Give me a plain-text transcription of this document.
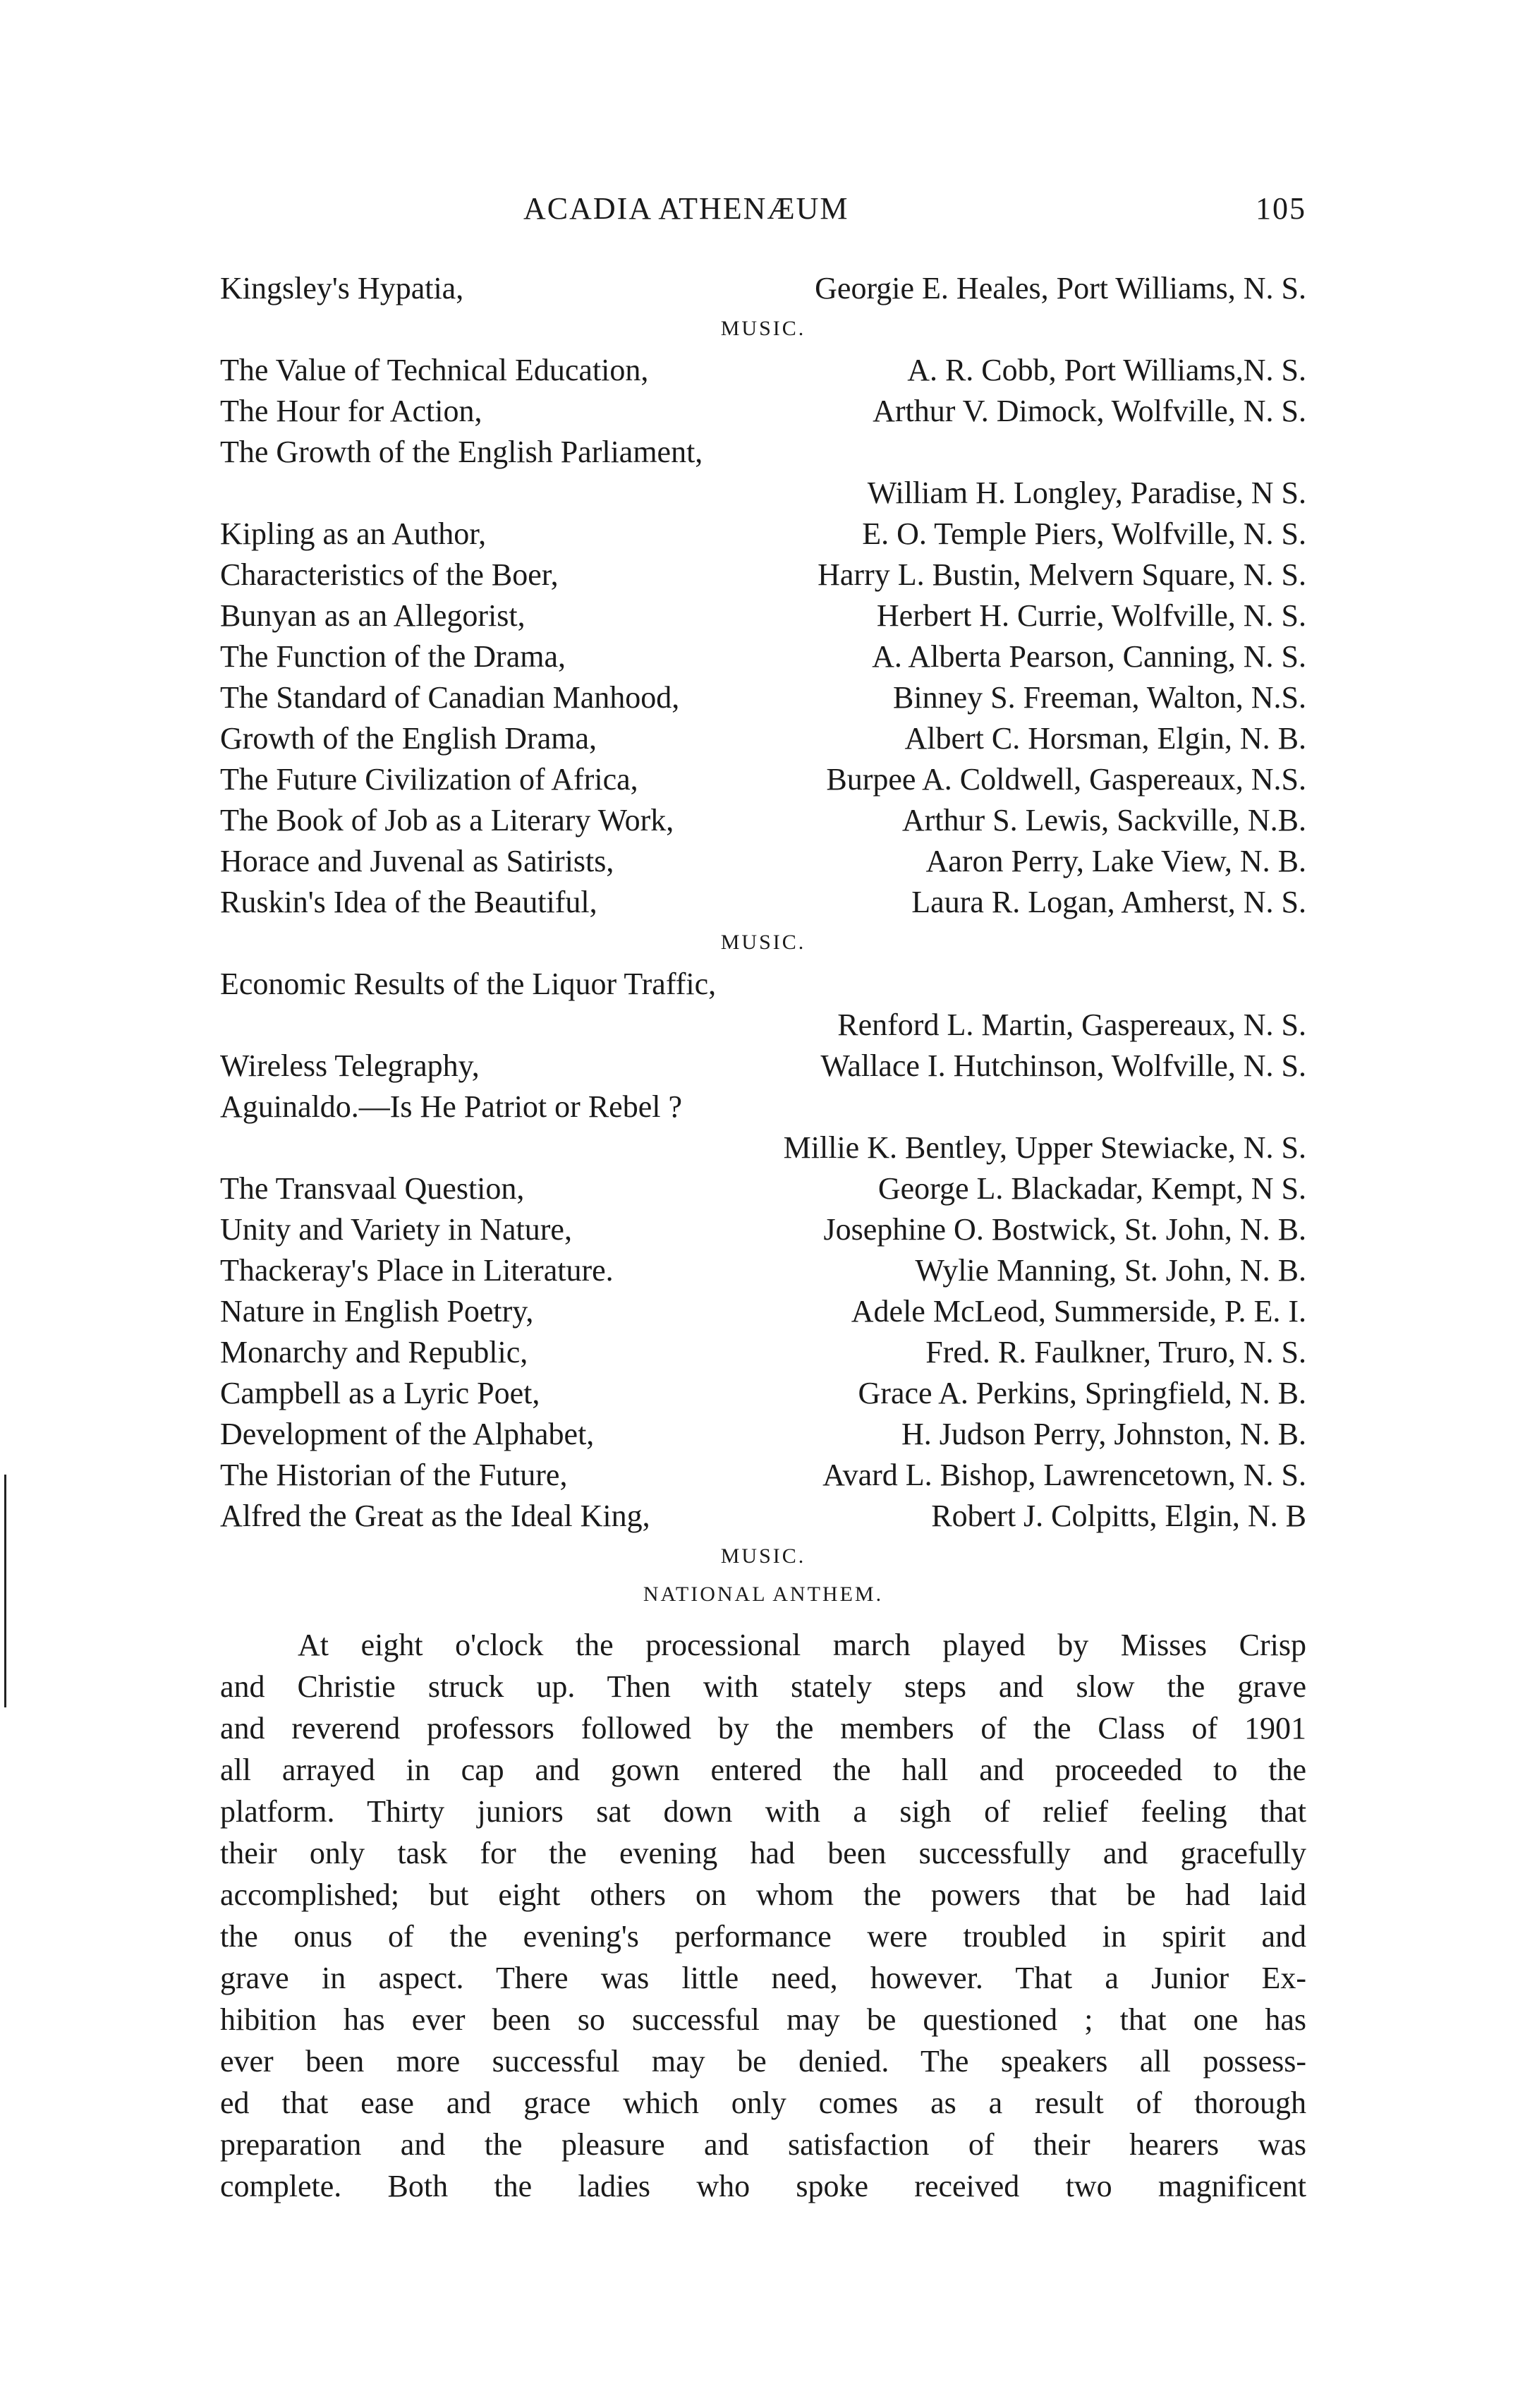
ACADIA ATHENÆUM	105
Kingsley's Hypatia,	Georgie E. Heales, Port Williams, N. S.
MUSIC.
The Value of Technical Education,	A. R. Cobb, Port Williams,N. S.
The Hour for Action,	Arthur V. Dimock, Wolfville, N. S.
The Growth of the English Parliament,
William H. Longley, Paradise, N S.
Kipling as an Author,	E. O. Temple Piers, Wolfville, N. S.
Characteristics of the Boer,	Harry L. Bustin, Melvern Square, N. S.
Bunyan as an Allegorist,	Herbert H. Currie, Wolfville, N. S.
The Function of the Drama,	A. Alberta Pearson, Canning, N. S.
The Standard of Canadian Manhood,	Binney S. Freeman, Walton, N.S.
Growth of the English Drama,	Albert C. Horsman, Elgin, N. B.
The Future Civilization of Africa,	Burpee A. Coldwell, Gaspereaux, N.S.
The Book of Job as a Literary Work,	Arthur S. Lewis, Sackville, N.B.
Horace and Juvenal as Satirists,	Aaron Perry, Lake View, N. B.
Ruskin's Idea of the Beautiful,	Laura R. Logan, Amherst, N. S.
MUSIC.
Economic Results of the Liquor Traffic,
Renford L. Martin, Gaspereaux, N. S.
Wireless Telegraphy,	Wallace I. Hutchinson, Wolfville, N. S.
Aguinaldo.—Is He Patriot or Rebel ?
Millie K. Bentley, Upper Stewiacke, N. S.
The Transvaal Question,	George L. Blackadar, Kempt, N S.
Unity and Variety in Nature,	Josephine O. Bostwick, St. John, N. B.
Thackeray's Place in Literature.	Wylie Manning, St. John, N. B.
Nature in English Poetry,	Adele McLeod, Summerside, P. E. I.
Monarchy and Republic,	Fred. R. Faulkner, Truro, N. S.
Campbell as a Lyric Poet,	Grace A. Perkins, Springfield, N. B.
Development of the Alphabet,	H. Judson Perry, Johnston, N. B.
The Historian of the Future,	Avard L. Bishop, Lawrencetown, N. S.
Alfred the Great as the Ideal King,	Robert J. Colpitts, Elgin, N. B
MUSIC.
NATIONAL ANTHEM.
At eight o'clock the processional march played by Misses Crisp
and Christie struck up. Then with stately steps and slow the grave
and reverend professors followed by the members of the Class of 1901
all arrayed in cap and gown entered the hall and proceeded to the
platform. Thirty juniors sat down with a sigh of relief feeling that
their only task for the evening had been successfully and gracefully
accomplished; but eight others on whom the powers that be had laid
the onus of the evening's performance were troubled in spirit and
grave in aspect. There was little need, however. That a Junior Ex-
hibition has ever been so successful may be questioned ; that one has
ever been more successful may be denied. The speakers all possess-
ed that ease and grace which only comes as a result of thorough
preparation and the pleasure and satisfaction of their hearers was
complete. Both the ladies who spoke received two magnificent
